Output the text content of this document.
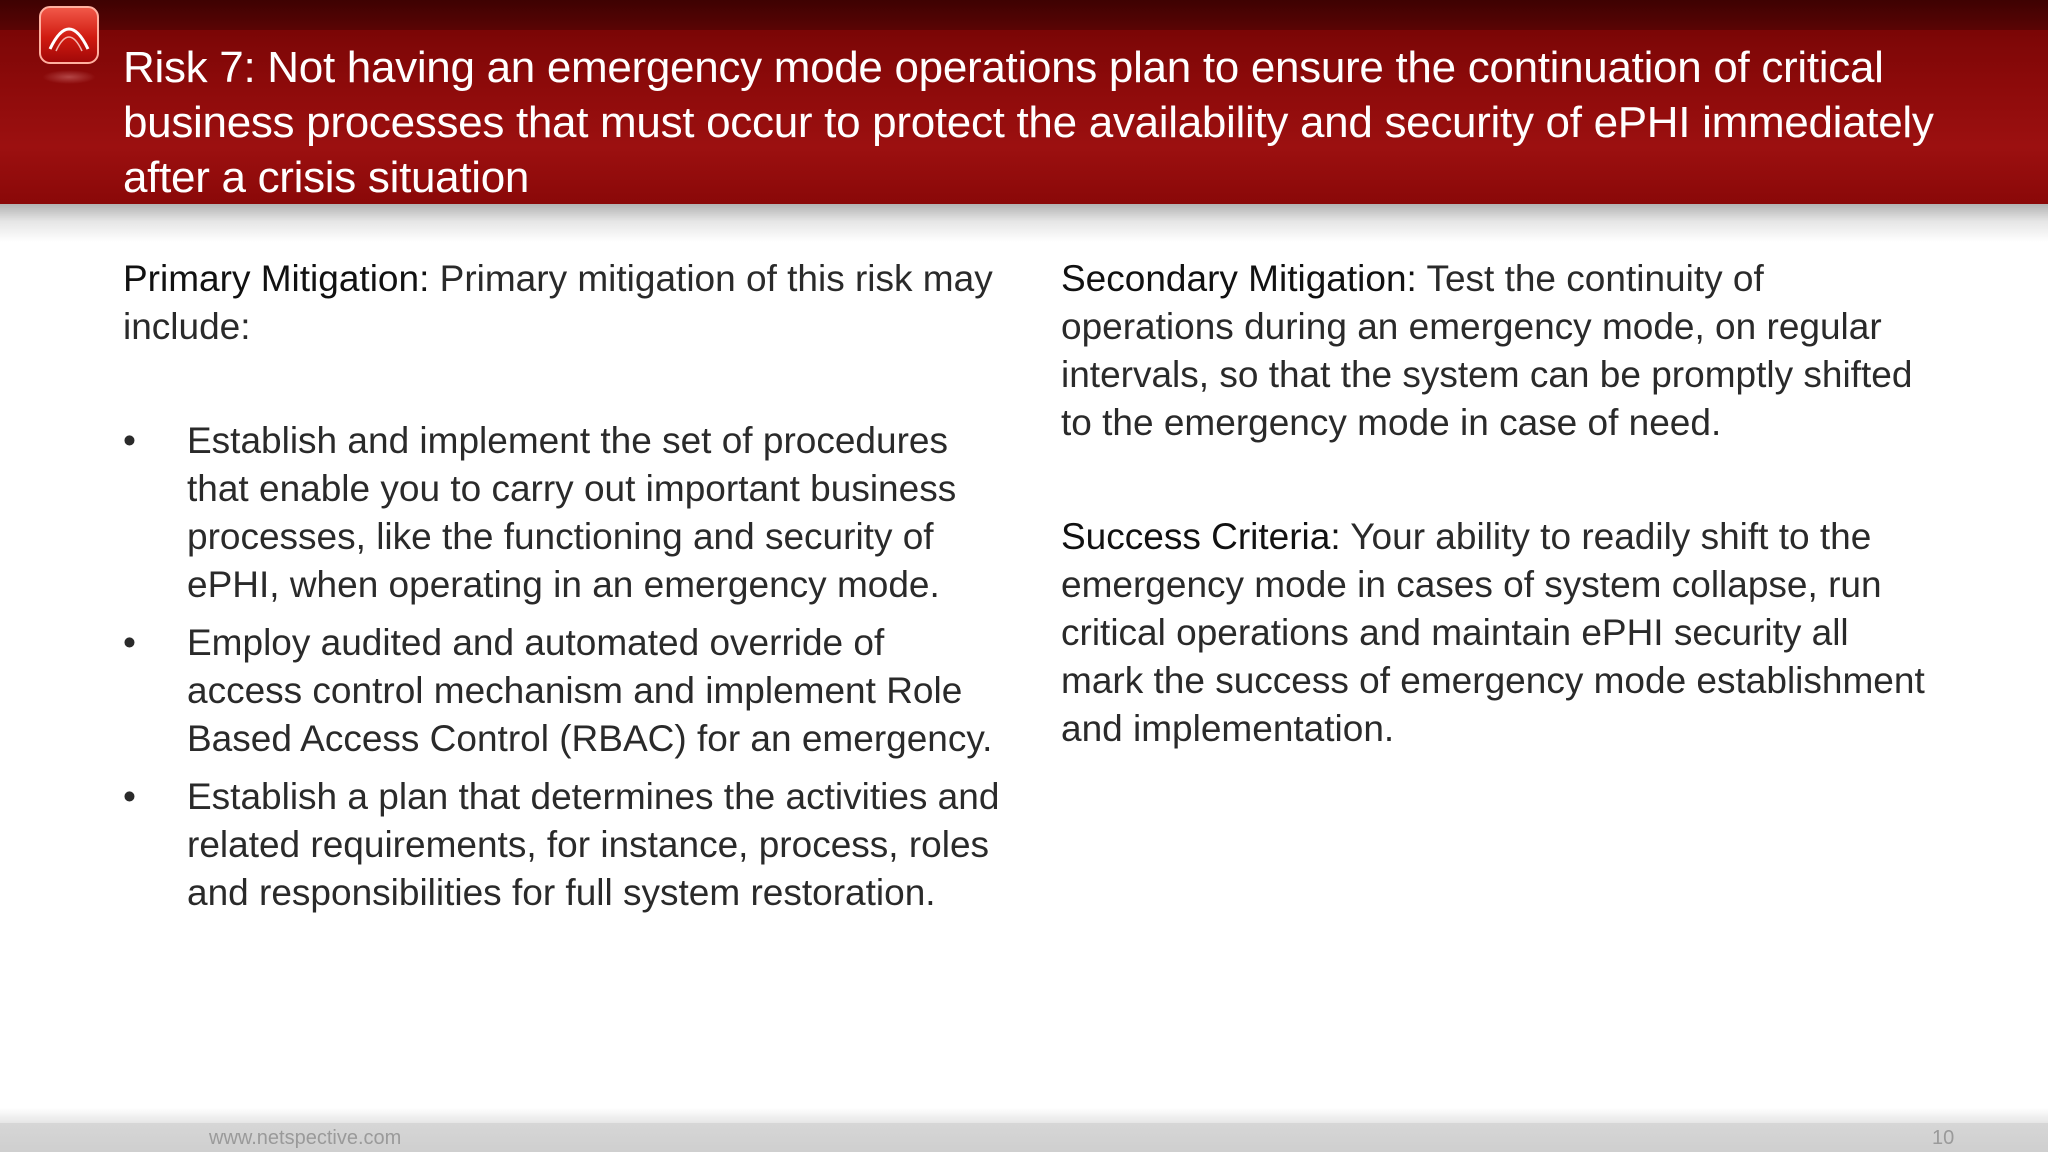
Risk 7: Not having an emergency mode operations plan to ensure the continuation of critical business processes that must occur to protect the availability and security of ePHI immediately after a crisis situation

Primary Mitigation: Primary mitigation of this risk may include:

• Establish and implement the set of procedures that enable you to carry out important business processes, like the functioning and security of ePHI, when operating in an emergency mode.
• Employ audited and automated override of access control mechanism and implement Role Based Access Control (RBAC) for an emergency.
• Establish a plan that determines the activities and related requirements, for instance, process, roles and responsibilities for full system restoration.

Secondary Mitigation: Test the continuity of operations during an emergency mode, on regular intervals, so that the system can be promptly shifted to the emergency mode in case of need.

Success Criteria: Your ability to readily shift to the emergency mode in cases of system collapse, run critical operations and maintain ePHI security all mark the success of emergency mode establishment and implementation.

www.netspective.com	10
